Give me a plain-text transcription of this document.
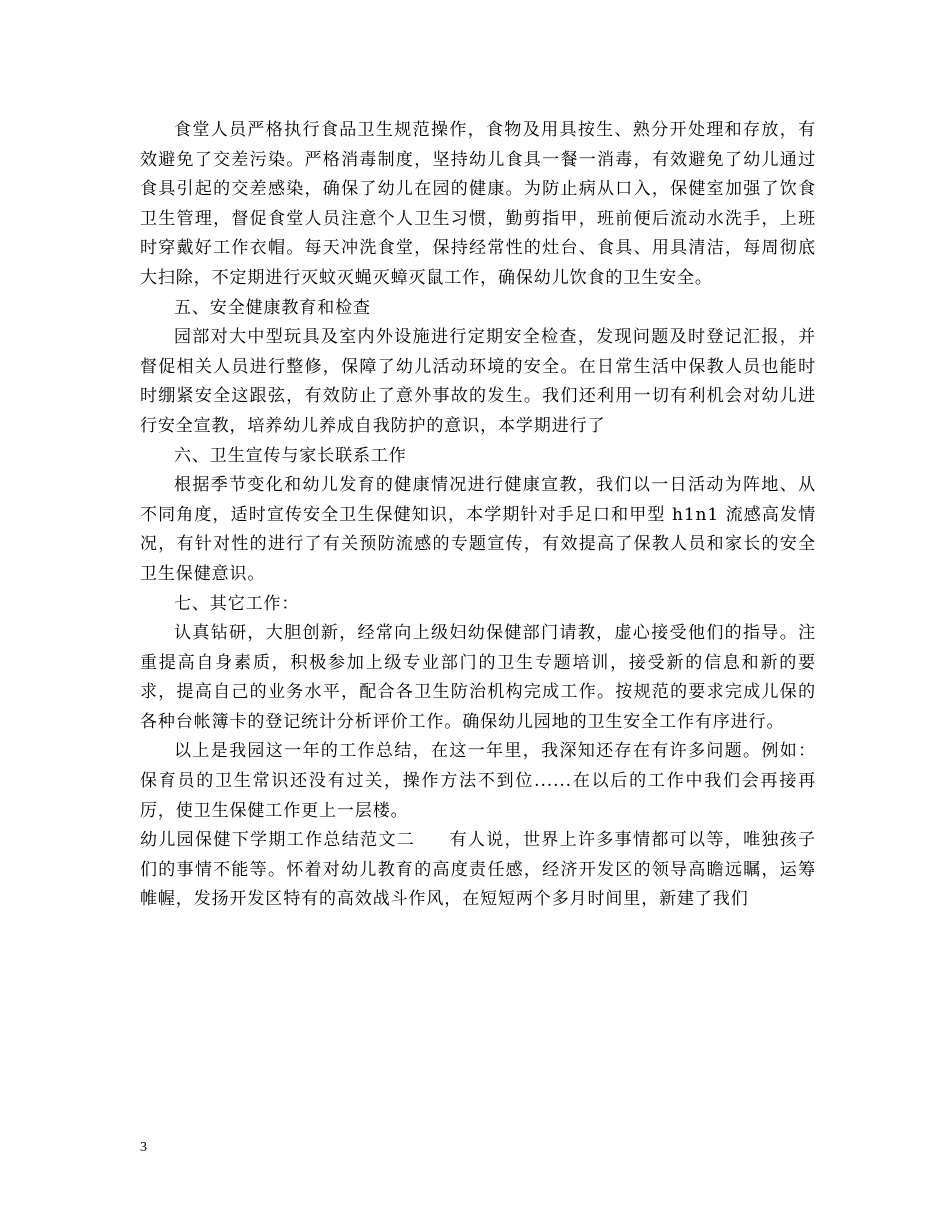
食堂人员严格执行食品卫生规范操作，食物及用具按生、熟分开处理和存放，有效避免了交差污染。严格消毒制度，坚持幼儿食具一餐一消毒，有效避免了幼儿通过食具引起的交差感染，确保了幼儿在园的健康。为防止病从口入，保健室加强了饮食卫生管理，督促食堂人员注意个人卫生习惯，勤剪指甲，班前便后流动水洗手，上班时穿戴好工作衣帽。每天冲洗食堂，保持经常性的灶台、食具、用具清洁，每周彻底大扫除，不定期进行灭蚊灭蝇灭蟑灭鼠工作，确保幼儿饮食的卫生安全。

五、安全健康教育和检查

园部对大中型玩具及室内外设施进行定期安全检查，发现问题及时登记汇报，并督促相关人员进行整修，保障了幼儿活动环境的安全。在日常生活中保教人员也能时时绷紧安全这跟弦，有效防止了意外事故的发生。我们还利用一切有利机会对幼儿进行安全宣教，培养幼儿养成自我防护的意识，本学期进行了

六、卫生宣传与家长联系工作

根据季节变化和幼儿发育的健康情况进行健康宣教，我们以一日活动为阵地、从不同角度，适时宣传安全卫生保健知识，本学期针对手足口和甲型 h1n1 流感高发情况，有针对性的进行了有关预防流感的专题宣传，有效提高了保教人员和家长的安全卫生保健意识。

七、其它工作：

认真钻研，大胆创新，经常向上级妇幼保健部门请教，虚心接受他们的指导。注重提高自身素质，积极参加上级专业部门的卫生专题培训，接受新的信息和新的要求，提高自己的业务水平，配合各卫生防治机构完成工作。按规范的要求完成儿保的各种台帐簿卡的登记统计分析评价工作。确保幼儿园地的卫生安全工作有序进行。

以上是我园这一年的工作总结，在这一年里，我深知还存在有许多问题。例如：保育员的卫生常识还没有过关，操作方法不到位......在以后的工作中我们会再接再厉，使卫生保健工作更上一层楼。

幼儿园保健下学期工作总结范文二 有人说，世界上许多事情都可以等，唯独孩子们的事情不能等。怀着对幼儿教育的高度责任感，经济开发区的领导高瞻远瞩，运筹帷幄，发扬开发区特有的高效战斗作风，在短短两个多月时间里，新建了我们

3
